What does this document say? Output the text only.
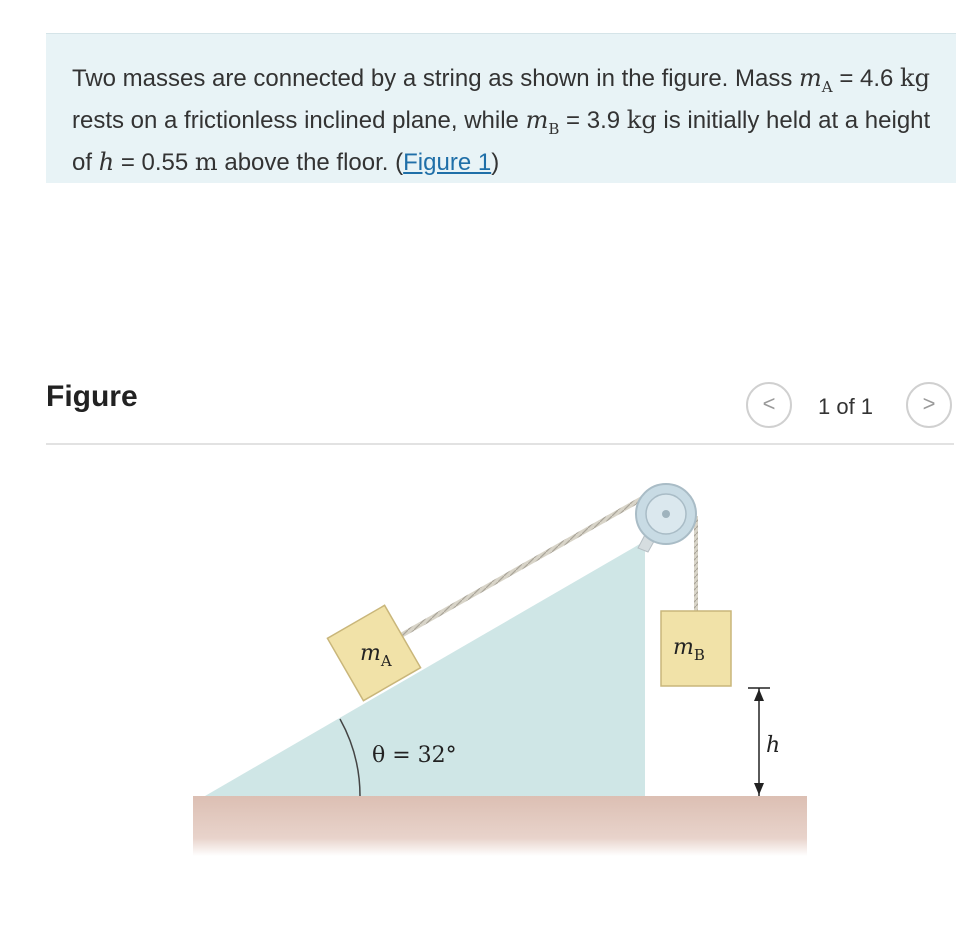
Two masses are connected by a string as shown in the figure. Mass $m_A = 4.6$ kg rests on a frictionless inclined plane, while $m_B = 3.9$ kg is initially held at a height of h = 0.55 m above the floor. (Figure 1)

Figure	<	1 of 1	>
$m_A$
$m_B$
θ = 32°	h
